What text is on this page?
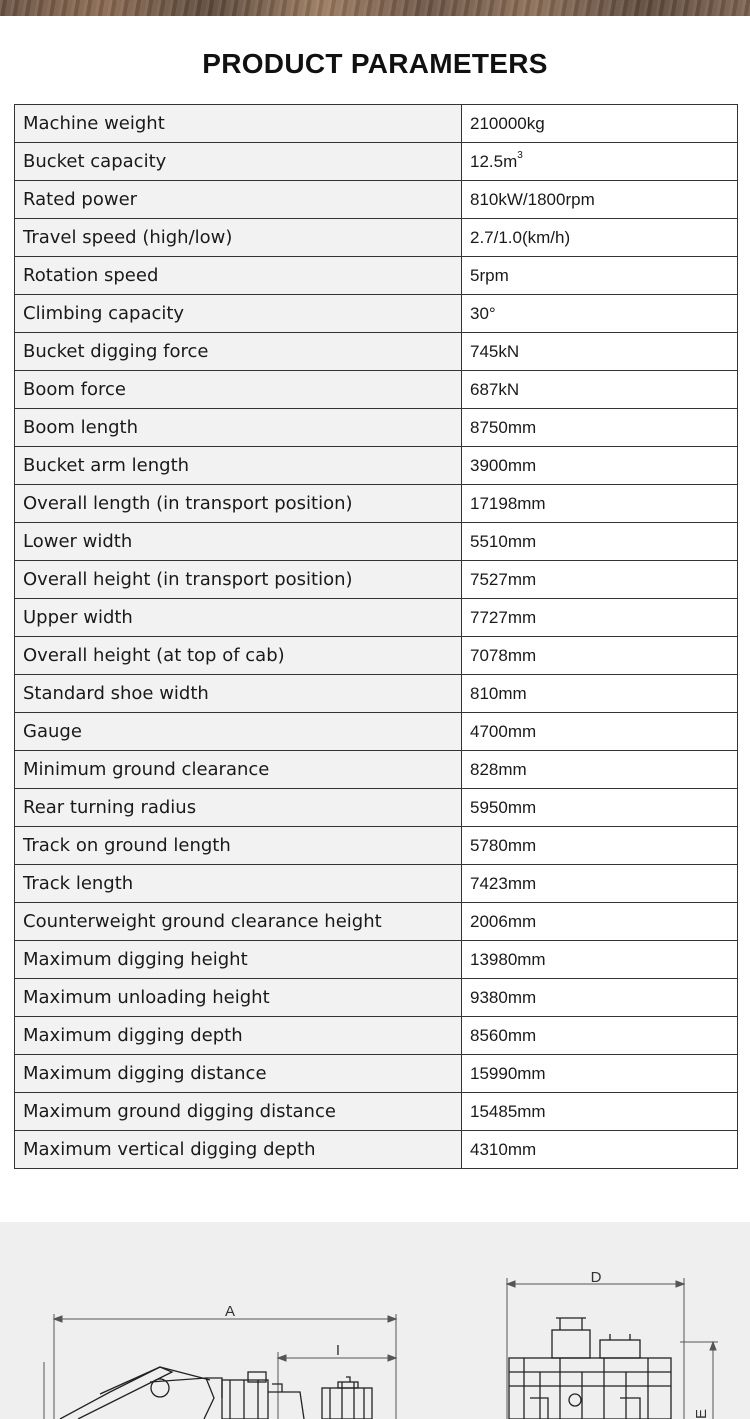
PRODUCT PARAMETERS
Machine weight	210000kg
Bucket capacity	$12.5m^3$
Rated power	810kW/1800rpm
Travel speed (high/low)	2.7/1.0(km/h)
Rotation speed	5rpm
Climbing capacity	30°
Bucket digging force	745kN
Boom force	687kN
Boom length	8750mm
Bucket arm length	3900mm
Overall length (in transport position)	17198mm
Lower width	5510mm
Overall height (in transport position)	7527mm
Upper width	7727mm
Overall height (at top of cab)	7078mm
Standard shoe width	810mm
Gauge	4700mm
Minimum ground clearance	828mm
Rear turning radius	5950mm
Track on ground length	5780mm
Track length	7423mm
Counterweight ground clearance height	2006mm
Maximum digging height	13980mm
Maximum unloading height	9380mm
Maximum digging depth	8560mm
Maximum digging distance	15990mm
Maximum ground digging distance	15485mm
Maximum vertical digging depth	4310mm
A
I
D
E
